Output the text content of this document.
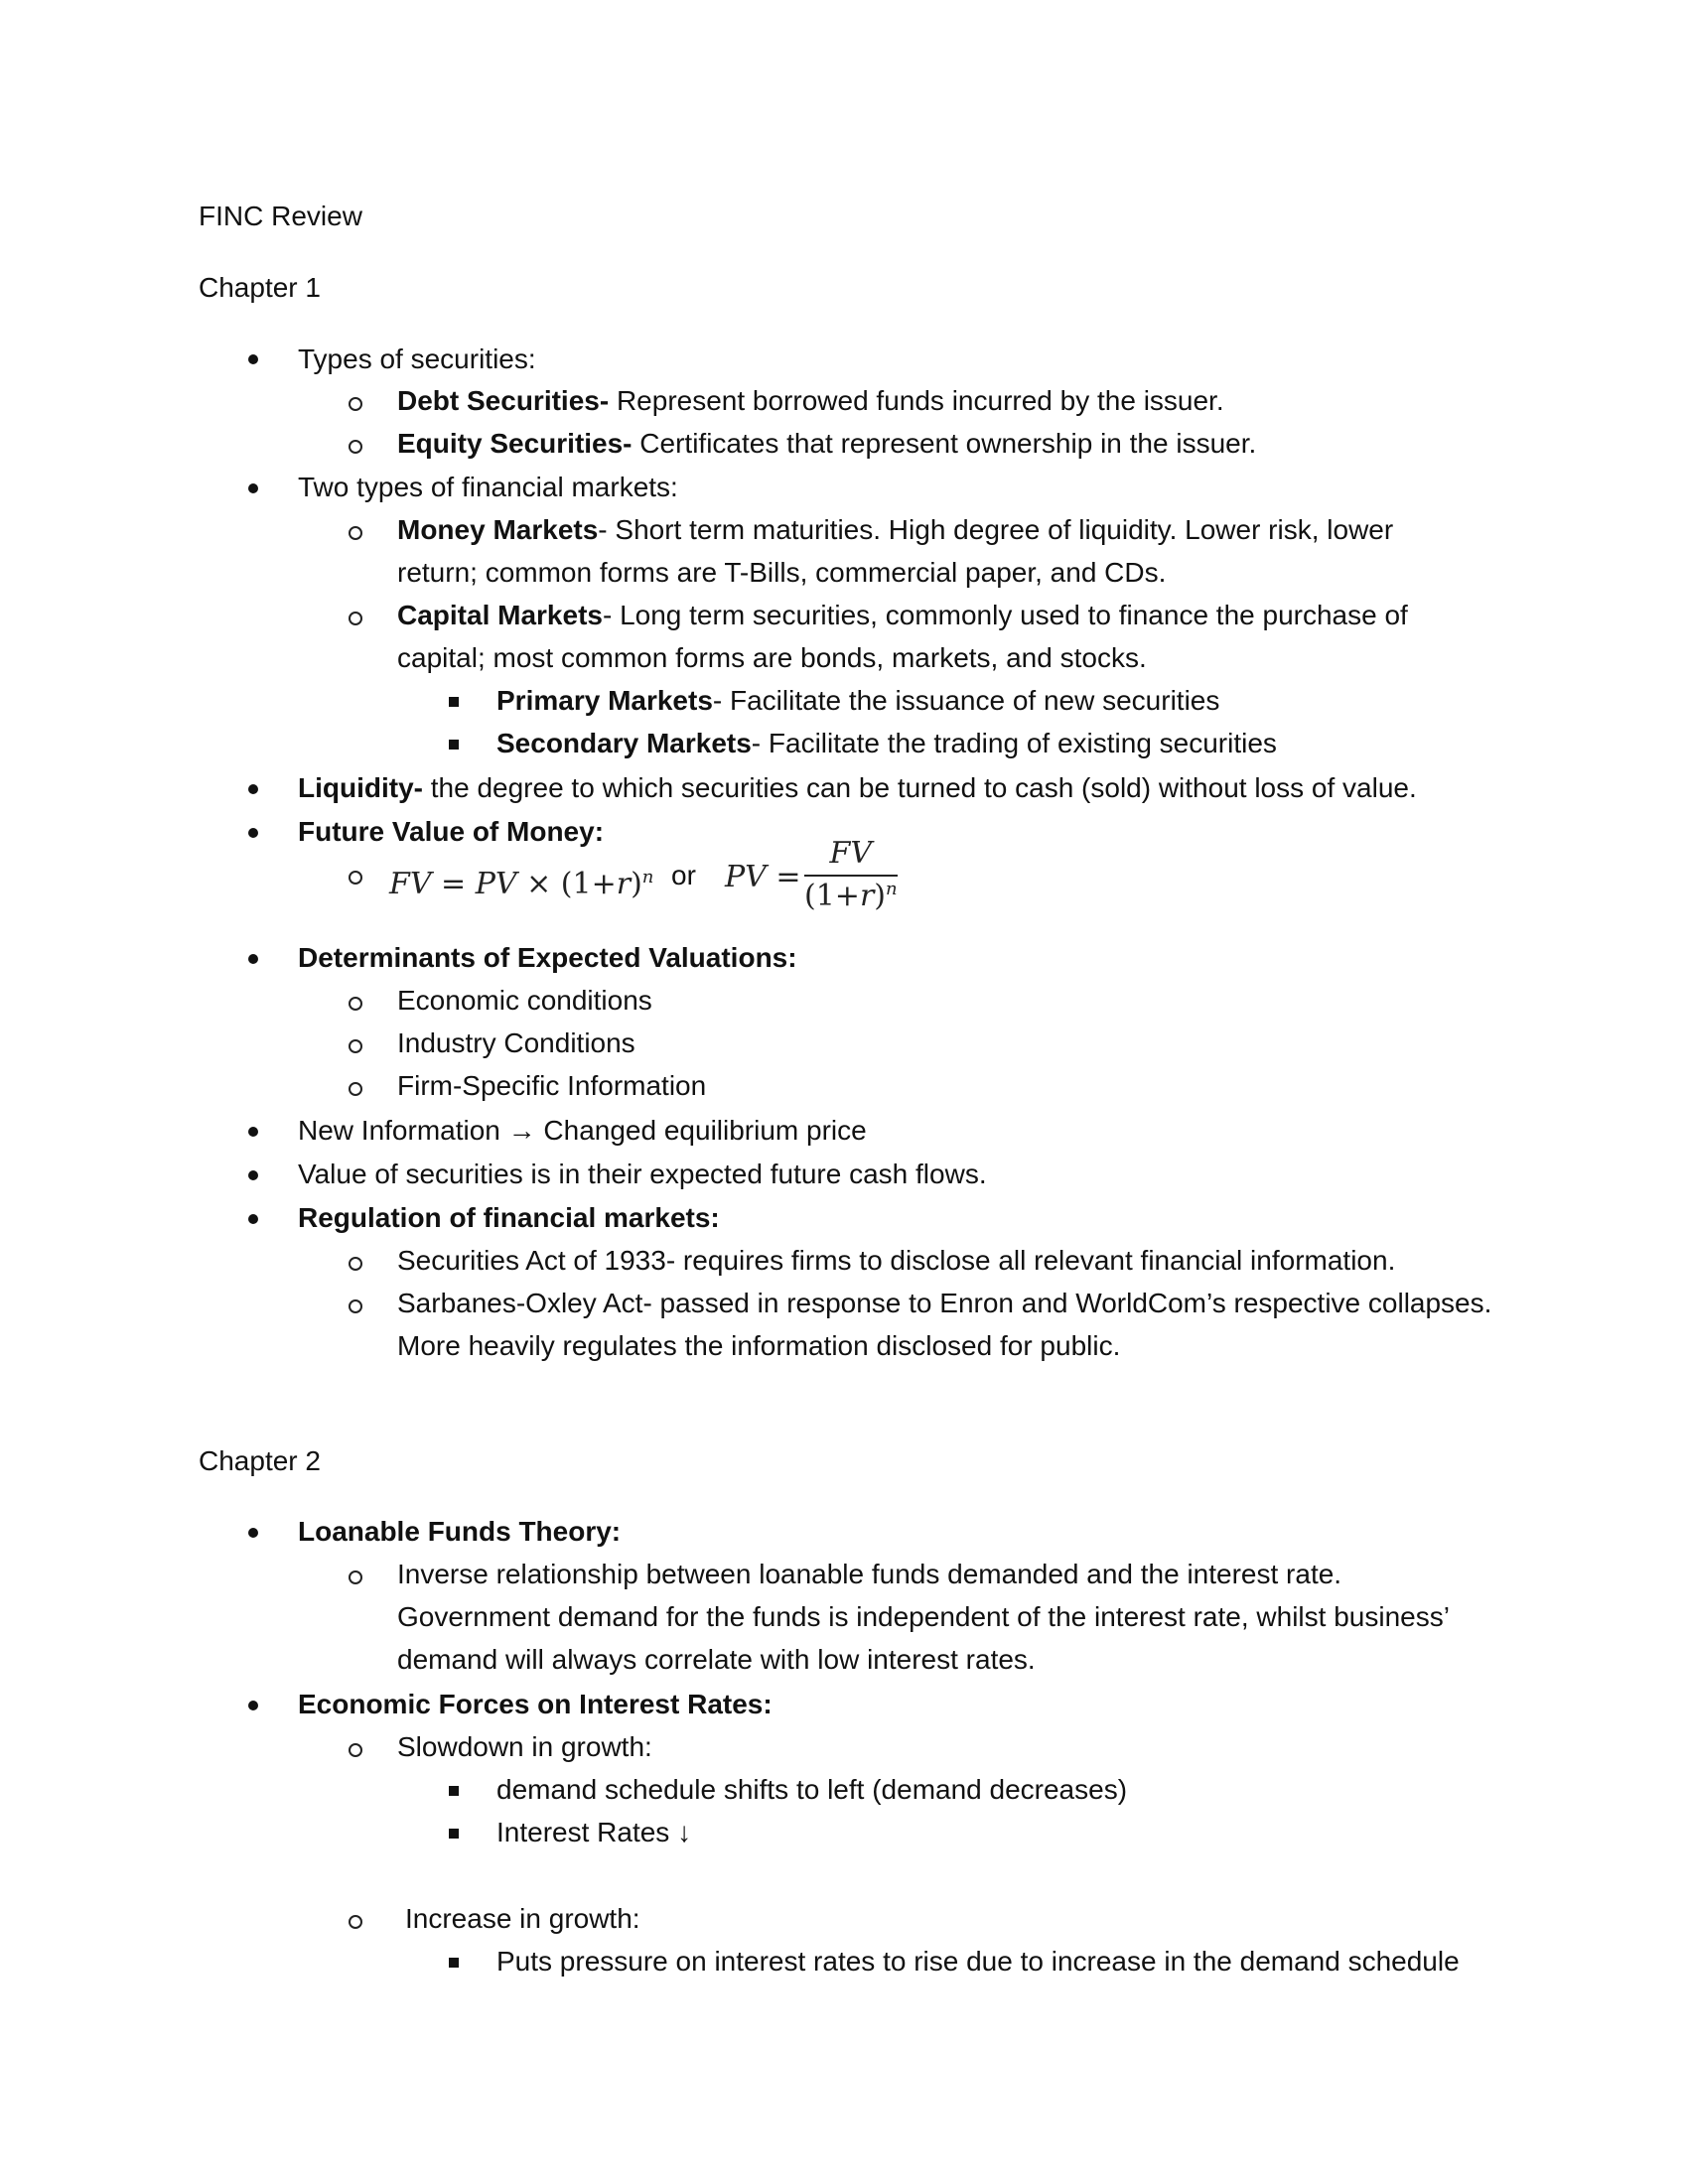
FINC Review
Chapter 1
Types of securities:
Debt Securities- Represent borrowed funds incurred by the issuer.
Equity Securities- Certificates that represent ownership in the issuer.
Two types of financial markets:
Money Markets- Short term maturities. High degree of liquidity. Lower risk, lower
return; common forms are T-Bills, commercial paper, and CDs.
Capital Markets- Long term securities, commonly used to finance the purchase of
capital; most common forms are bonds, markets, and stocks.
Primary Markets- Facilitate the issuance of new securities
Secondary Markets- Facilitate the trading of existing securities
Liquidity- the degree to which securities can be turned to cash (sold) without loss of value.
Future Value of Money:
FV = PV × $(1+r)^n$ or PV = $\frac{FV}{(1+r)^n}$
Determinants of Expected Valuations:
Economic conditions
Industry Conditions
Firm-Specific Information
New Information → Changed equilibrium price
Value of securities is in their expected future cash flows.
Regulation of financial markets:
Securities Act of 1933- requires firms to disclose all relevant financial information.
Sarbanes-Oxley Act- passed in response to Enron and WorldCom’s respective collapses.
More heavily regulates the information disclosed for public.
Chapter 2
Loanable Funds Theory:
Inverse relationship between loanable funds demanded and the interest rate.
Government demand for the funds is independent of the interest rate, whilst business’
demand will always correlate with low interest rates.
Economic Forces on Interest Rates:
Slowdown in growth:
demand schedule shifts to left (demand decreases)
Interest Rates ↓
Increase in growth:
Puts pressure on interest rates to rise due to increase in the demand schedule
